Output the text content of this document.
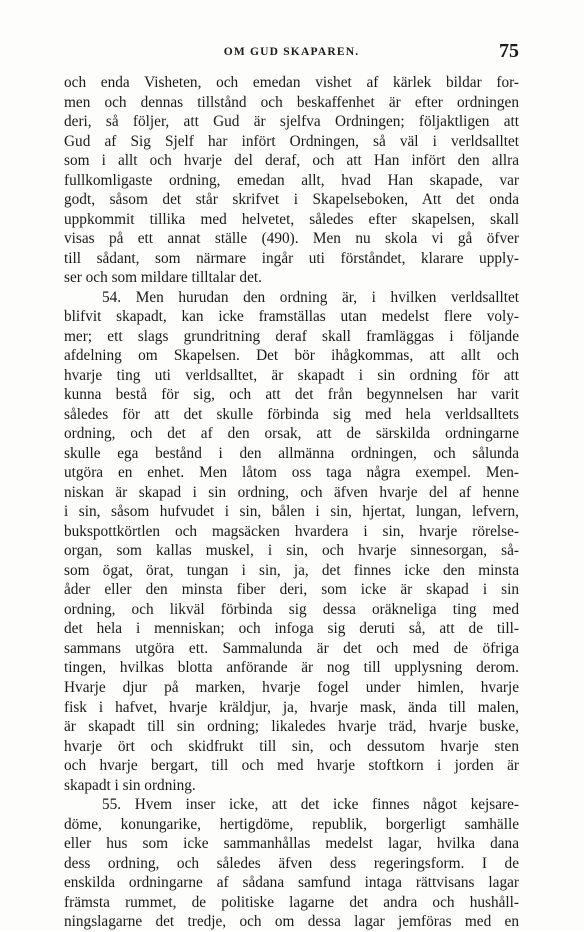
OM GUD SKAPAREN.	75
och enda Visheten, och emedan vishet af kärlek bildar for-
men och dennas tillstånd och beskaffenhet är efter ordningen
deri, så följer, att Gud är sjelfva Ordningen; följaktligen att
Gud af Sig Sjelf har infört Ordningen, så väl i verldsalltet
som i allt och hvarje del deraf, och att Han infört den allra
fullkomligaste ordning, emedan allt, hvad Han skapade, var
godt, såsom det står skrifvet i Skapelseboken, Att det onda
uppkommit tillika med helvetet, således efter skapelsen, skall
visas på ett annat ställe (490). Men nu skola vi gå öfver
till sådant, som närmare ingår uti förståndet, klarare upply-
ser och som mildare tilltalar det.
54. Men hurudan den ordning är, i hvilken verldsalltet
blifvit skapadt, kan icke framställas utan medelst flere voly-
mer; ett slags grundritning deraf skall framläggas i följande
afdelning om Skapelsen. Det bör ihågkommas, att allt och
hvarje ting uti verldsalltet, är skapadt i sin ordning för att
kunna bestå för sig, och att det från begynnelsen har varit
således för att det skulle förbinda sig med hela verldsalltets
ordning, och det af den orsak, att de särskilda ordningarne
skulle ega bestånd i den allmänna ordningen, och sålunda
utgöra en enhet. Men låtom oss taga några exempel. Men-
niskan är skapad i sin ordning, och äfven hvarje del af henne
i sin, såsom hufvudet i sin, bålen i sin, hjertat, lungan, lefvern,
bukspottkörtlen och magsäcken hvardera i sin, hvarje rörelse-
organ, som kallas muskel, i sin, och hvarje sinnesorgan, så-
som ögat, örat, tungan i sin, ja, det finnes icke den minsta
åder eller den minsta fiber deri, som icke är skapad i sin
ordning, och likväl förbinda sig dessa oräkneliga ting med
det hela i menniskan; och infoga sig deruti så, att de till-
sammans utgöra ett. Sammalunda är det och med de öfriga
tingen, hvilkas blotta anförande är nog till upplysning derom.
Hvarje djur på marken, hvarje fogel under himlen, hvarje
fisk i hafvet, hvarje kräldjur, ja, hvarje mask, ända till malen,
är skapadt till sin ordning; likaledes hvarje träd, hvarje buske,
hvarje ört och skidfrukt till sin, och dessutom hvarje sten
och hvarje bergart, till och med hvarje stoftkorn i jorden är
skapadt i sin ordning.
55. Hvem inser icke, att det icke finnes något kejsare-
döme, konungarike, hertigdöme, republik, borgerligt samhälle
eller hus som icke sammanhållas medelst lagar, hvilka dana
dess ordning, och således äfven dess regeringsform. I de
enskilda ordningarne af sådana samfund intaga rättvisans lagar
främsta rummet, de politiske lagarne det andra och hushåll-
ningslagarne det tredje, och om dessa lagar jemföras med en
